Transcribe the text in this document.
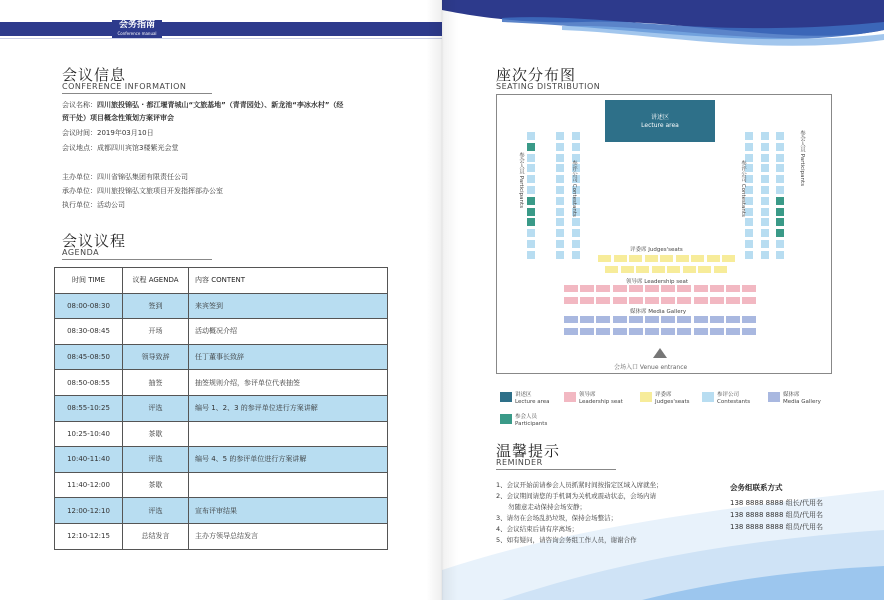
会务指南
Conference manual
会议信息
CONFERENCE INFORMATION
会议名称：四川旅投锦弘 · 都江堰青城山“文旅基地”（青青园处）、新龙池“李冰水村”（经
贸干处）项目概念性策划方案评审会
会议时间：2019年03月10日
会议地点：成都四川宾馆3楼紫光会堂
主办单位：四川省锦弘集团有限责任公司
承办单位：四川旅投锦弘文旅项目开发指挥部办公室
执行单位：活动公司
会议议程
AGENDA
时间 TIME	议程 AGENDA	内容 CONTENT
08:00-08:30	签到	来宾签到
08:30-08:45	开场	活动概况介绍
08:45-08:50	领导致辞	任丁董事长致辞
08:50-08:55	抽签	抽签规则介绍，参评单位代表抽签
08:55-10:25	评选	编号 1、2、3 的参评单位进行方案讲解
10:25-10:40	茶歇	
10:40-11:40	评选	编号 4、5 的参评单位进行方案讲解
11:40-12:00	茶歇	
12:00-12:10	评选	宣布评审结果
12:10-12:15	总结发言	主办方领导总结发言
座次分布图
SEATING DISTRIBUTION
讲述区
Lecture area
参会人员 Participants	参评公司 Contestants	参评公司 Contestants
参会人员 Participants
评委席 Judges'seats
领导席 Leadership seat
媒体席 Media Gallery
会场入口 Venue entrance
讲述区
Lecture area
领导席
Leadership seat
评委席
Judges'seats
参评公司
Contestants
媒体席
Media Gallery
参会人员
Participants
温馨提示
REMINDER
1、会议开始前请参会人员抓紧时间按指定区域入席就坐；
2、会议期间请您的手机调为关机或震动状态，会场内请
勿随意走动保持会场安静；
3、请勿在会场乱扔垃圾，保持会场整洁；
4、会议结束后请有序离场；
5、如有疑问，请咨询会务组工作人员，谢谢合作
会务组联系方式
138 8888 8888 组长/代用名
138 8888 8888 组员/代用名
138 8888 8888 组员/代用名
